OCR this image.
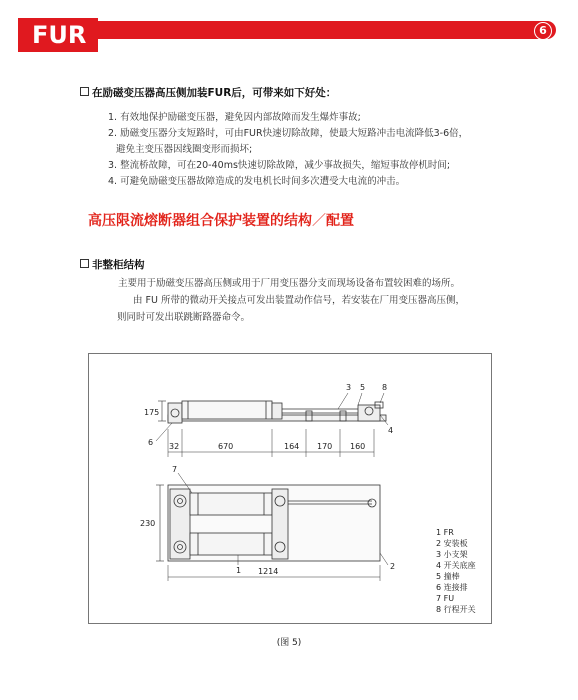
FUR	6
在励磁变压器高压侧加装FUR后，可带来如下好处：
1. 有效地保护励磁变压器，避免因内部故障而发生爆炸事故;
2. 励磁变压器分支短路时，可由FUR快速切除故障，使最大短路冲击电流降低3-6倍，
避免主变压器因线圈变形而损坏;
3. 整流桥故障，可在20-40ms快速切除故障，减少事故损失，缩短事故停机时间;
4. 可避免励磁变压器故障造成的发电机长时间多次遭受大电流的冲击。
高压限流熔断器组合保护装置的结构／配置
非整柜结构
主要用于励磁变压器高压侧或用于厂用变压器分支而现场设备布置较困难的场所。
由 FU 所带的微动开关接点可发出装置动作信号，若安装在厂用变压器高压侧，
则同时可发出联跳断路器命令。
175
32	670	164 170 160
6
3 5 8
4
230
1214
7
1	2
1 FR
2 安装板
3 小支架
4 开关底座
5 撞棒
6 连接排
7 FU
8 行程开关
(图 5)
